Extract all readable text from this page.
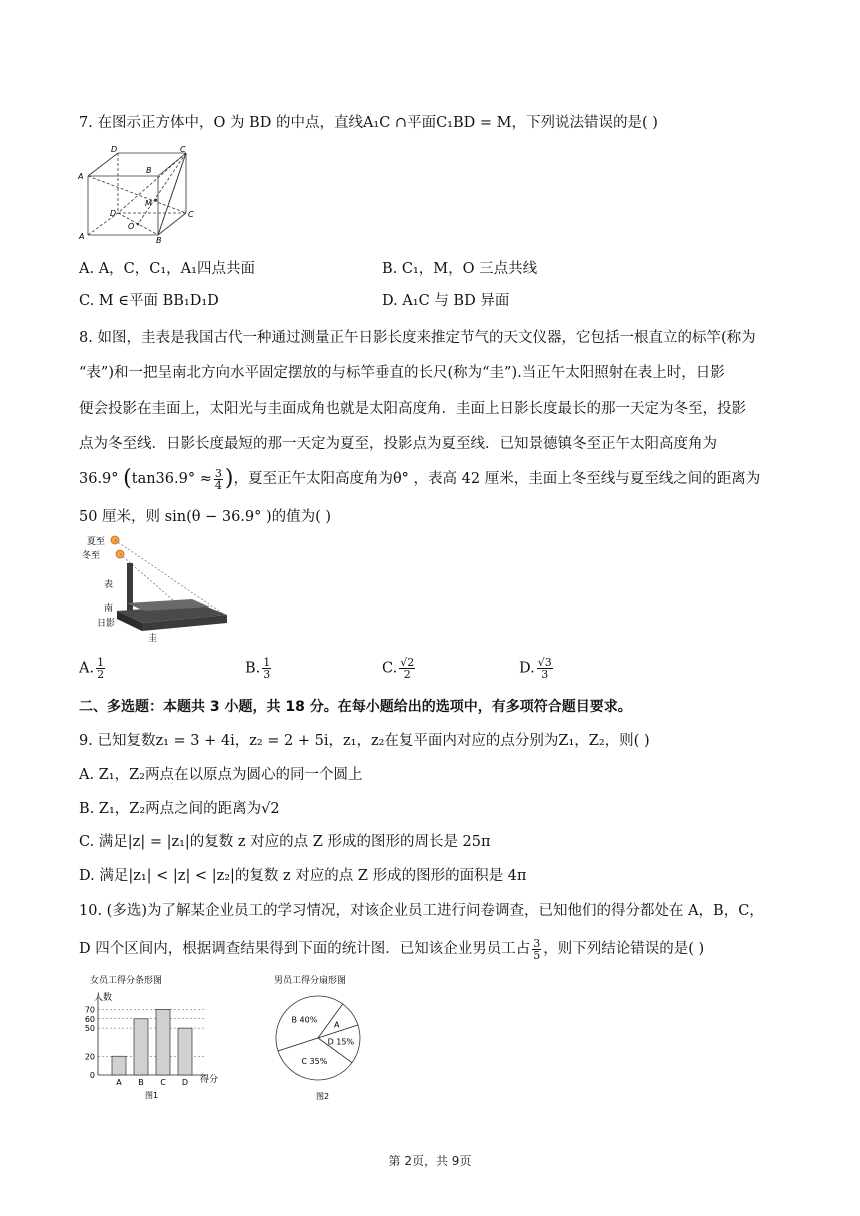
7. 在图示正方体中，O 为 BD 的中点，直线A₁C ∩平面C₁BD = M，下列说法错误的是( )
D	C
A
B
M
D	C
O
A	B
A. A，C，C₁，A₁四点共面	B. C₁，M，O 三点共线
C. M ∈平面 BB₁D₁D	D. A₁C 与 BD 异面
8. 如图，圭表是我国古代一种通过测量正午日影长度来推定节气的天文仪器，它包括一根直立的标竿(称为
“表”)和一把呈南北方向水平固定摆放的与标竿垂直的长尺(称为“圭”).当正午太阳照射在表上时，日影
便会投影在圭面上，太阳光与圭面成角也就是太阳高度角．圭面上日影长度最长的那一天定为冬至，投影
点为冬至线．日影长度最短的那一天定为夏至，投影点为夏至线．已知景德镇冬至正午太阳高度角为
36.9° ($\tan 36.9^\circ \approx \frac{3}{4}$ )，夏至正午太阳高度角为θ° ，表高 42 厘米，圭面上冬至线与夏至线之间的距离为
50 厘米，则 sin(θ − 36.9° )的值为( )
夏至
冬至
表
南
日影
圭
A. $\frac{1}{2}$	B. $\frac{1}{3}$	C. $\frac{√2}{2}$	D. $\frac{√3}{3}$
二、多选题：本题共 3 小题，共 18 分。在每小题给出的选项中，有多项符合题目要求。
9. 已知复数z₁ = 3 + 4i，z₂ = 2 + 5i，z₁，z₂在复平面内对应的点分别为Z₁，Z₂，则( )
A. Z₁，Z₂两点在以原点为圆心的同一个圆上
B. Z₁，Z₂两点之间的距离为√2
C. 满足|z| = |z₁|的复数 z 对应的点 Z 形成的图形的周长是 25π
D. 满足|z₁| < |z| < |z₂|的复数 z 对应的点 Z 形成的图形的面积是 4π
10. (多选)为了解某企业员工的学习情况，对该企业员工进行问卷调查，已知他们的得分都处在 A，B，C，
D 四个区间内，根据调查结果得到下面的统计图．已知该企业男员工占 $\frac{3}{5}$ ，则下列结论错误的是( )
女员工得分条形图
人数
得分
图1
0
20
50
60
70
A B C D
男员工得分扇形图
图2
B 40%
A
D 15%
C 35%
第 2页，共 9页
